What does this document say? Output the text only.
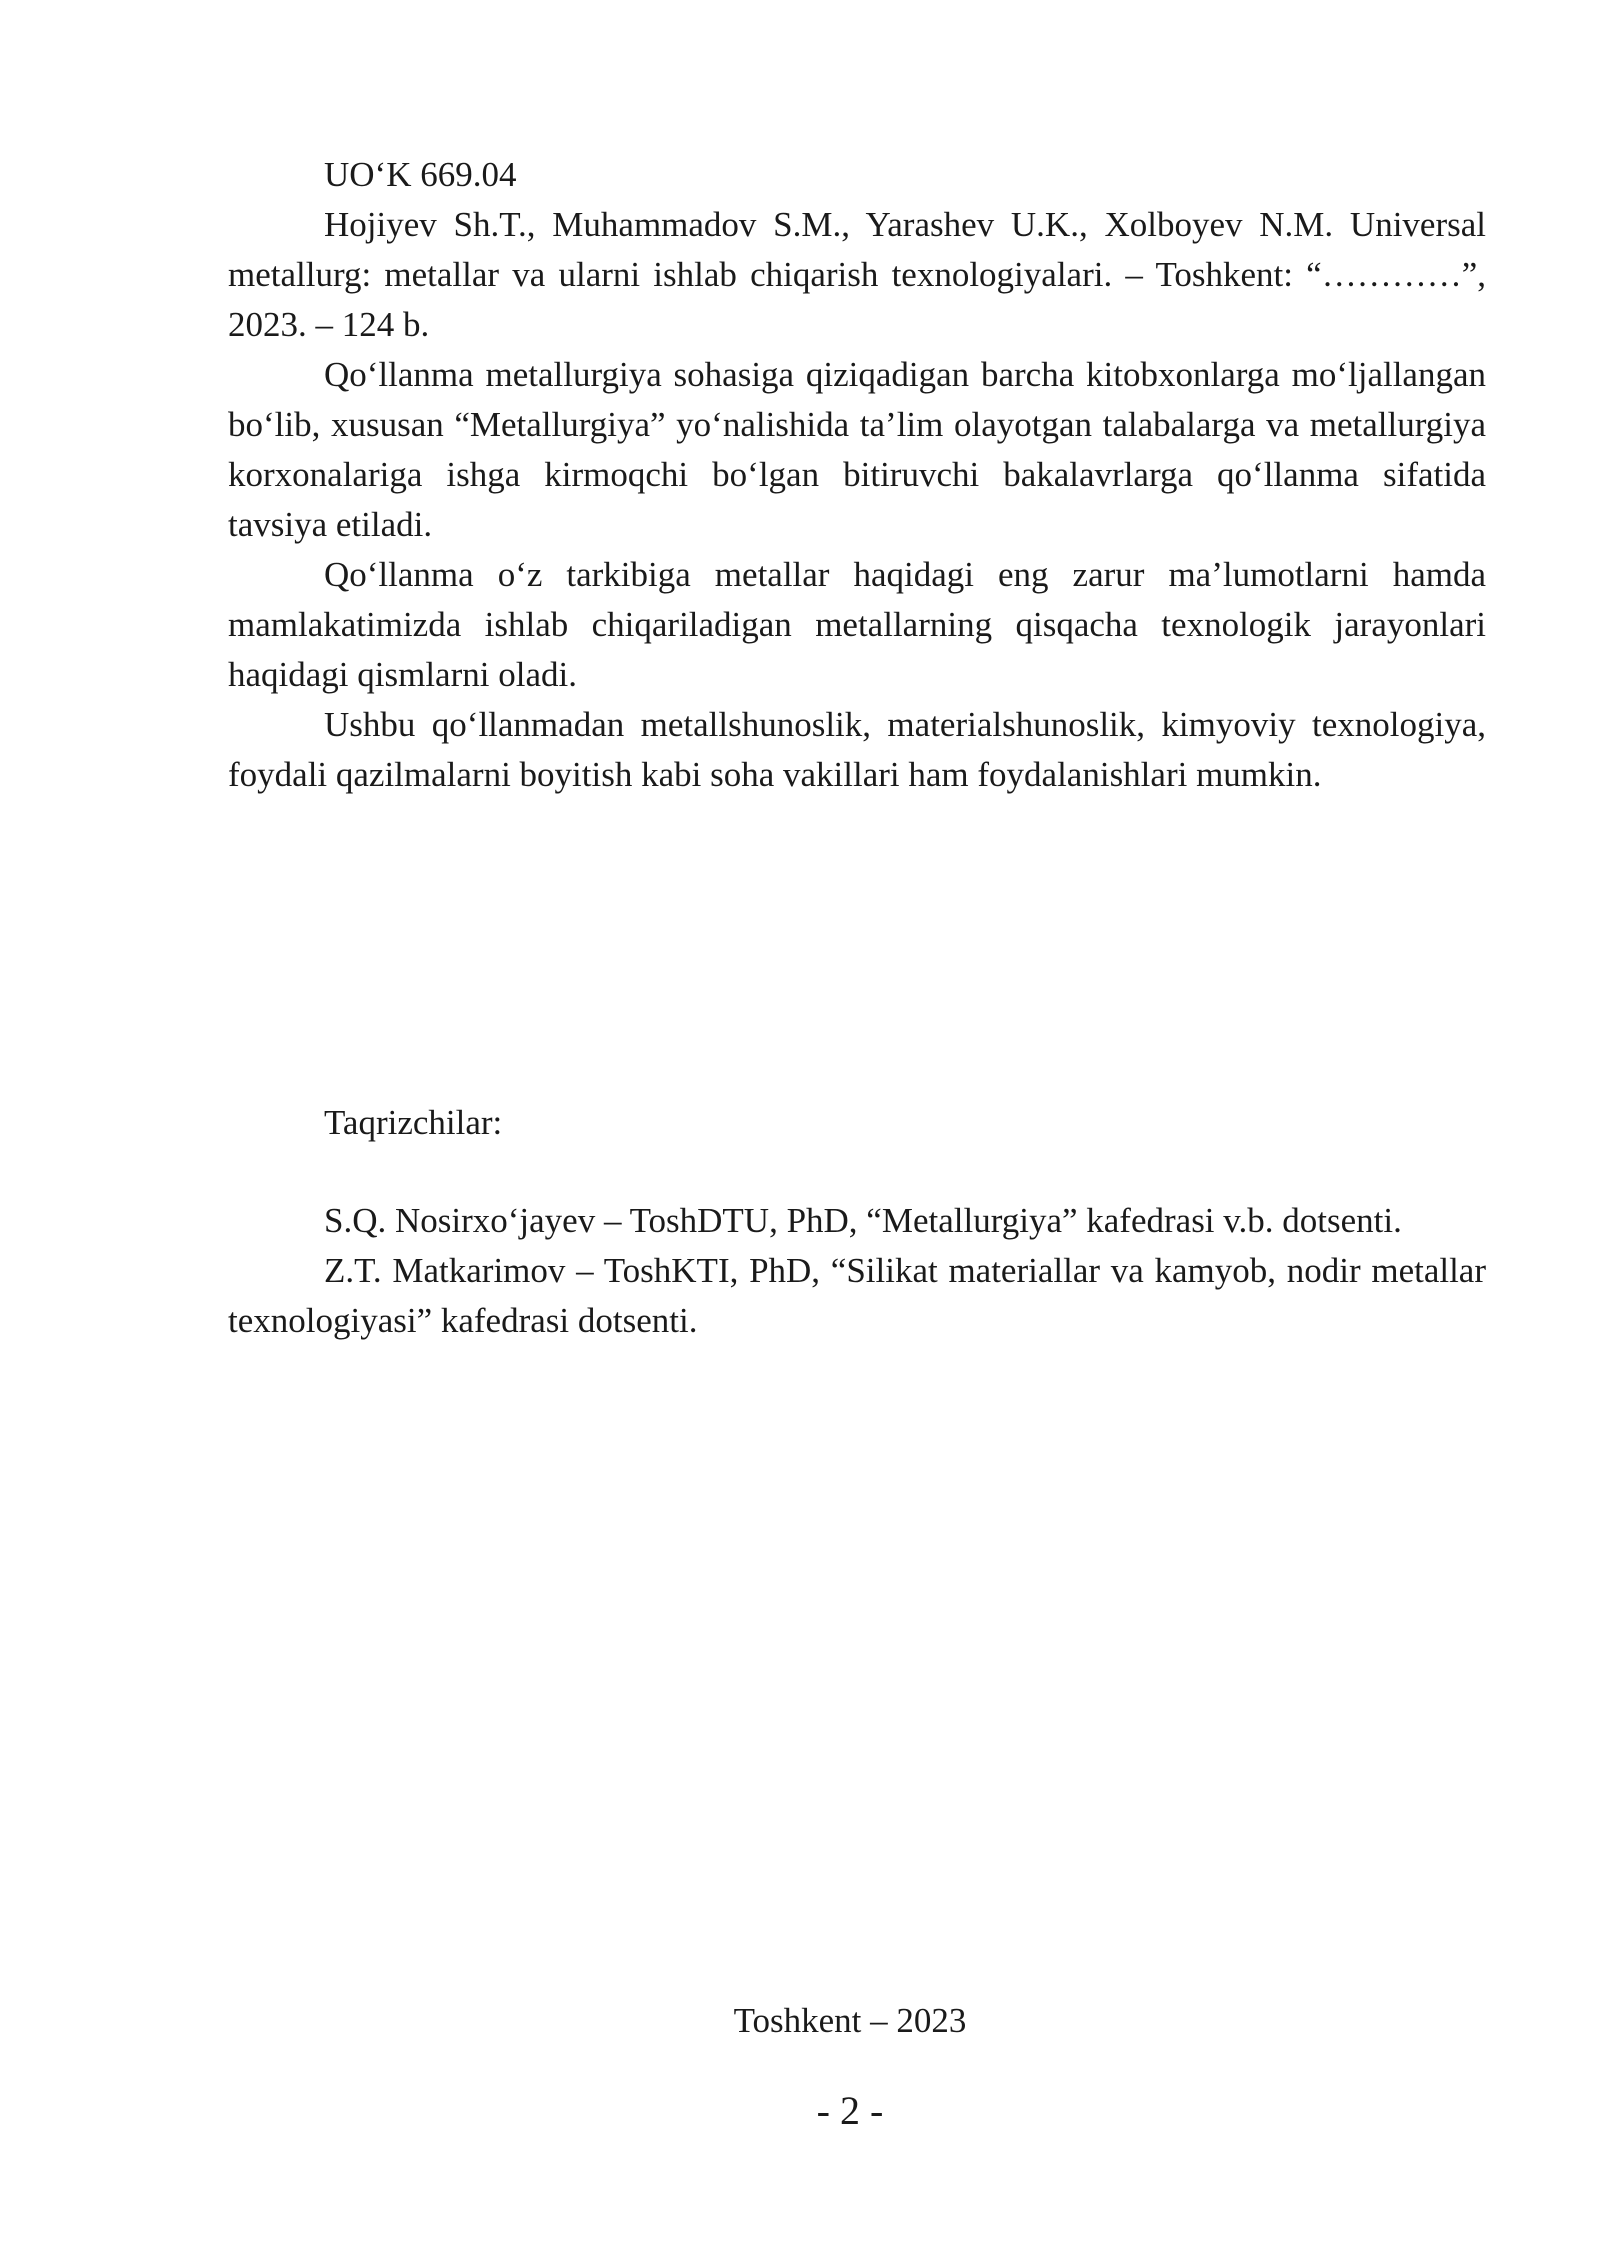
UO‘K 669.04

Hojiyev Sh.T., Muhammadov S.M., Yarashev U.K., Xolboyev N.M. Universal metallurg: metallar va ularni ishlab chiqarish texnologiyalari. – Toshkent: “…………”, 2023. – 124 b.

Qo‘llanma metallurgiya sohasiga qiziqadigan barcha kitobxonlarga mo‘ljallangan bo‘lib, xususan “Metallurgiya” yo‘nalishida ta’lim olayotgan talabalarga va metallurgiya korxonalariga ishga kirmoqchi bo‘lgan bitiruvchi bakalavrlarga qo‘llanma sifatida tavsiya etiladi.

Qo‘llanma o‘z tarkibiga metallar haqidagi eng zarur ma’lumotlarni hamda mamlakatimizda ishlab chiqariladigan metallarning qisqacha texnologik jarayonlari haqidagi qismlarni oladi.

Ushbu qo‘llanmadan metallshunoslik, materialshunoslik, kimyoviy texnologiya, foydali qazilmalarni boyitish kabi soha vakillari ham foydalanishlari mumkin.

Taqrizchilar:

S.Q. Nosirxo‘jayev – ToshDTU, PhD, “Metallurgiya” kafedrasi v.b. dotsenti.

Z.T. Matkarimov – ToshKTI, PhD, “Silikat materiallar va kamyob, nodir metallar texnologiyasi” kafedrasi dotsenti.

Toshkent – 2023
- 2 -
